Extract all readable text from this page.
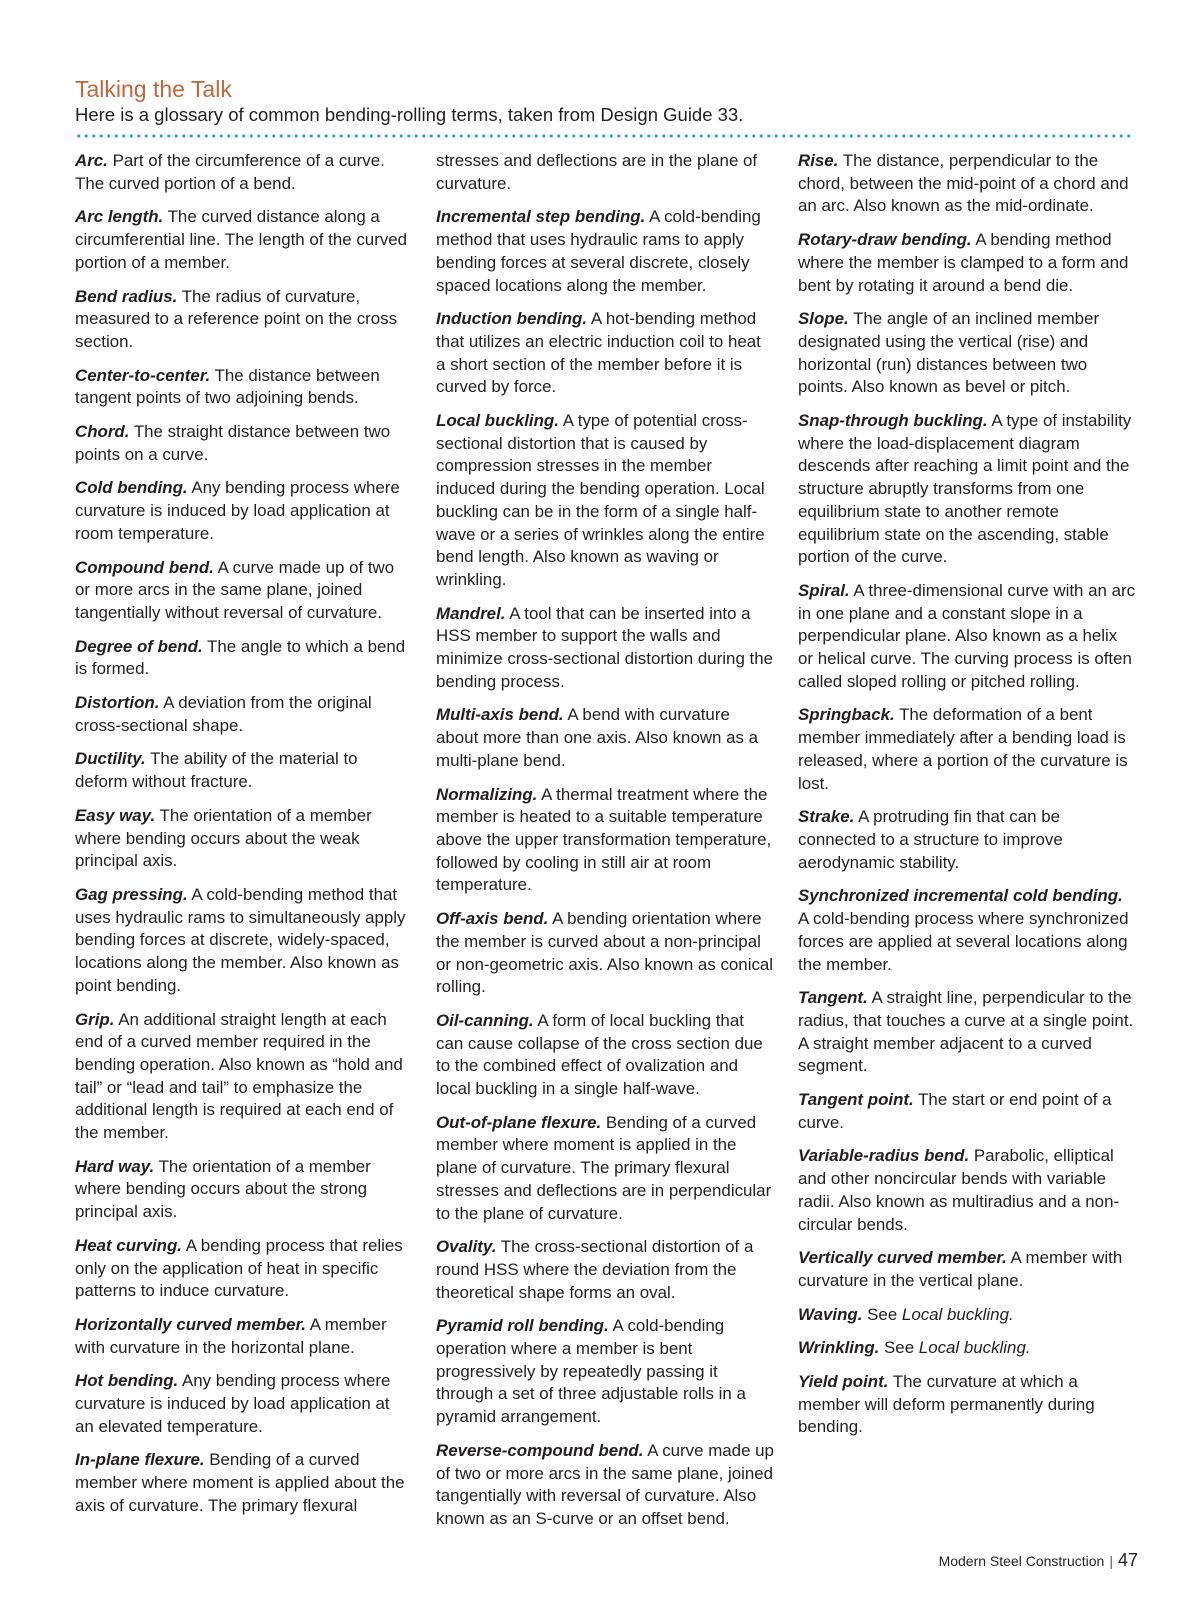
Talking the Talk

Here is a glossary of common bending-rolling terms, taken from Design Guide 33.

Arc. Part of the circumference of a curve. The curved portion of a bend.

Arc length. The curved distance along a circumferential line. The length of the curved portion of a member.

Bend radius. The radius of curvature, measured to a reference point on the cross section.

Center-to-center. The distance between tangent points of two adjoining bends.

Chord. The straight distance between two points on a curve.

Cold bending. Any bending process where curvature is induced by load application at room temperature.

Compound bend. A curve made up of two or more arcs in the same plane, joined tangentially without reversal of curvature.

Degree of bend. The angle to which a bend is formed.

Distortion. A deviation from the original cross-sectional shape.

Ductility. The ability of the material to deform without fracture.

Easy way. The orientation of a member where bending occurs about the weak principal axis.

Gag pressing. A cold-bending method that uses hydraulic rams to simultaneously apply bending forces at discrete, widely-spaced, locations along the member. Also known as point bending.

Grip. An additional straight length at each end of a curved member required in the bending operation. Also known as “hold and tail” or “lead and tail” to emphasize the additional length is required at each end of the member.

Hard way. The orientation of a member where bending occurs about the strong principal axis.

Heat curving. A bending process that relies only on the application of heat in specific patterns to induce curvature.

Horizontally curved member. A member with curvature in the horizontal plane.

Hot bending. Any bending process where curvature is induced by load application at an elevated temperature.

In-plane flexure. Bending of a curved member where moment is applied about the axis of curvature. The primary flexural

stresses and deflections are in the plane of curvature.

Incremental step bending. A cold-bending method that uses hydraulic rams to apply bending forces at several discrete, closely spaced locations along the member.

Induction bending. A hot-bending method that utilizes an electric induction coil to heat a short section of the member before it is curved by force.

Local buckling. A type of potential cross-sectional distortion that is caused by compression stresses in the member induced during the bending operation. Local buckling can be in the form of a single half-wave or a series of wrinkles along the entire bend length. Also known as waving or wrinkling.

Mandrel. A tool that can be inserted into a HSS member to support the walls and minimize cross-sectional distortion during the bending process.

Multi-axis bend. A bend with curvature about more than one axis. Also known as a multi-plane bend.

Normalizing. A thermal treatment where the member is heated to a suitable temperature above the upper transformation temperature, followed by cooling in still air at room temperature.

Off-axis bend. A bending orientation where the member is curved about a non-principal or non-geometric axis. Also known as conical rolling.

Oil-canning. A form of local buckling that can cause collapse of the cross section due to the combined effect of ovalization and local buckling in a single half-wave.

Out-of-plane flexure. Bending of a curved member where moment is applied in the plane of curvature. The primary flexural stresses and deflections are in perpendicular to the plane of curvature.

Ovality. The cross-sectional distortion of a round HSS where the deviation from the theoretical shape forms an oval.

Pyramid roll bending. A cold-bending operation where a member is bent progressively by repeatedly passing it through a set of three adjustable rolls in a pyramid arrangement.

Reverse-compound bend. A curve made up of two or more arcs in the same plane, joined tangentially with reversal of curvature. Also known as an S-curve or an offset bend.

Rise. The distance, perpendicular to the chord, between the mid-point of a chord and an arc. Also known as the mid-ordinate.

Rotary-draw bending. A bending method where the member is clamped to a form and bent by rotating it around a bend die.

Slope. The angle of an inclined member designated using the vertical (rise) and horizontal (run) distances between two points. Also known as bevel or pitch.

Snap-through buckling. A type of instability where the load-displacement diagram descends after reaching a limit point and the structure abruptly transforms from one equilibrium state to another remote equilibrium state on the ascending, stable portion of the curve.

Spiral. A three-dimensional curve with an arc in one plane and a constant slope in a perpendicular plane. Also known as a helix or helical curve. The curving process is often called sloped rolling or pitched rolling.

Springback. The deformation of a bent member immediately after a bending load is released, where a portion of the curvature is lost.

Strake. A protruding fin that can be connected to a structure to improve aerodynamic stability.

Synchronized incremental cold bending. A cold-bending process where synchronized forces are applied at several locations along the member.

Tangent. A straight line, perpendicular to the radius, that touches a curve at a single point. A straight member adjacent to a curved segment.

Tangent point. The start or end point of a curve.

Variable-radius bend. Parabolic, elliptical and other noncircular bends with variable radii. Also known as multiradius and a non-circular bends.

Vertically curved member. A member with curvature in the vertical plane.

Waving. See Local buckling.

Wrinkling. See Local buckling.

Yield point. The curvature at which a member will deform permanently during bending.

Modern Steel Construction | 47
